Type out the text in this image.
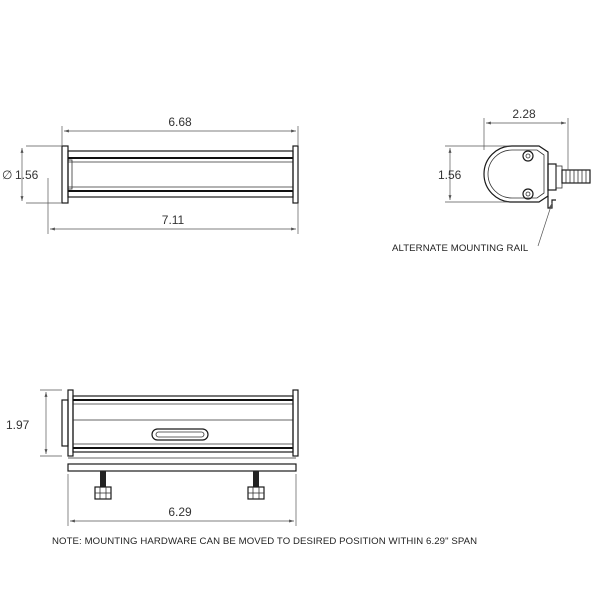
6.68
∅ 1.56
7.11
2.28
1.56
ALTERNATE MOUNTING RAIL
1.97
6.29
NOTE: MOUNTING HARDWARE CAN BE MOVED TO DESIRED POSITION WITHIN 6.29" SPAN
